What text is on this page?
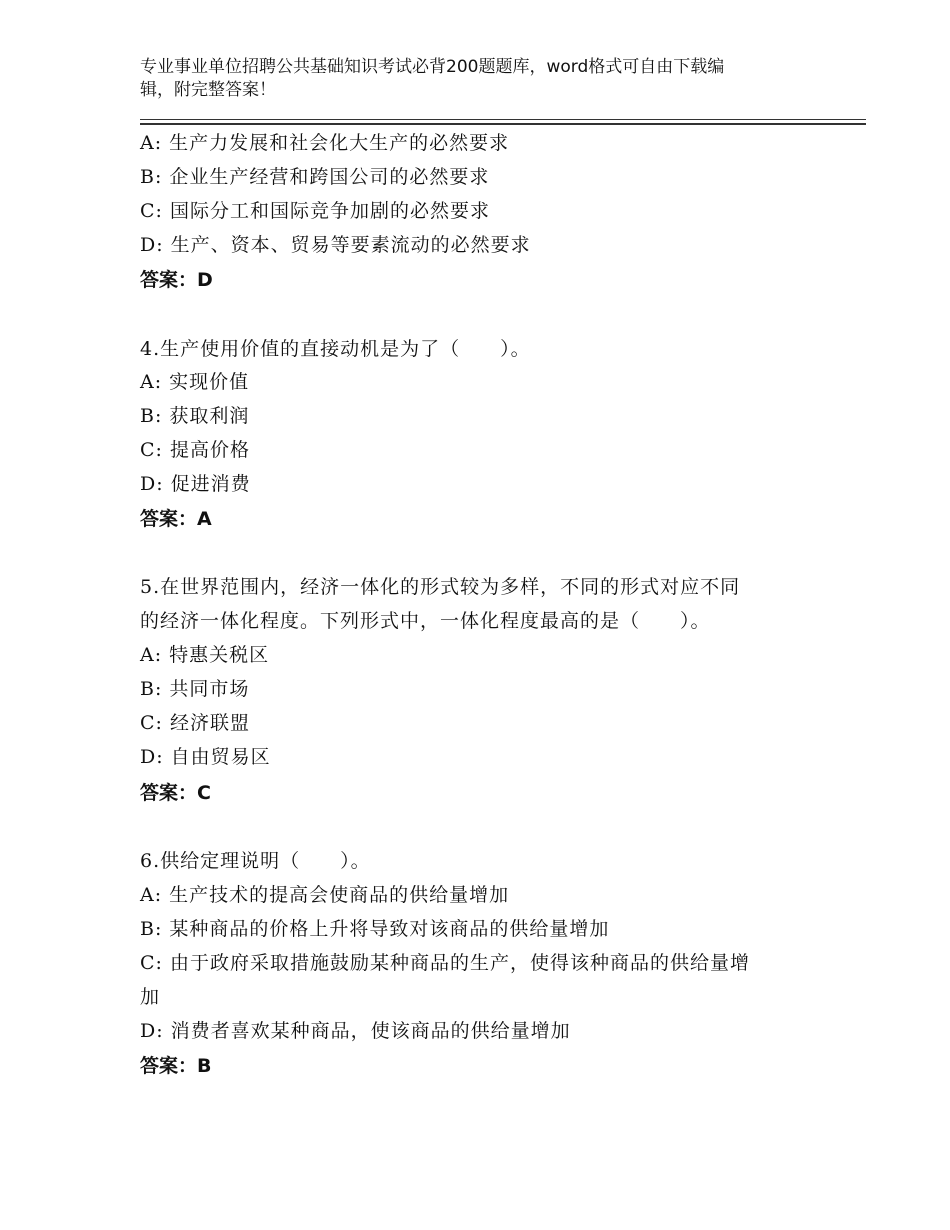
专业事业单位招聘公共基础知识考试必背200题题库，word格式可自由下载编
辑，附完整答案！
A: 生产力发展和社会化大生产的必然要求
B: 企业生产经营和跨国公司的必然要求
C: 国际分工和国际竞争加剧的必然要求
D: 生产、资本、贸易等要素流动的必然要求
答案：D
4.生产使用价值的直接动机是为了（　　）。
A: 实现价值
B: 获取利润
C: 提高价格
D: 促进消费
答案：A
5.在世界范围内，经济一体化的形式较为多样，不同的形式对应不同
的经济一体化程度。下列形式中，一体化程度最高的是（　　）。
A: 特惠关税区
B: 共同市场
C: 经济联盟
D: 自由贸易区
答案：C
6.供给定理说明（　　）。
A: 生产技术的提高会使商品的供给量增加
B: 某种商品的价格上升将导致对该商品的供给量增加
C: 由于政府采取措施鼓励某种商品的生产，使得该种商品的供给量增
加
D: 消费者喜欢某种商品，使该商品的供给量增加
答案：B
